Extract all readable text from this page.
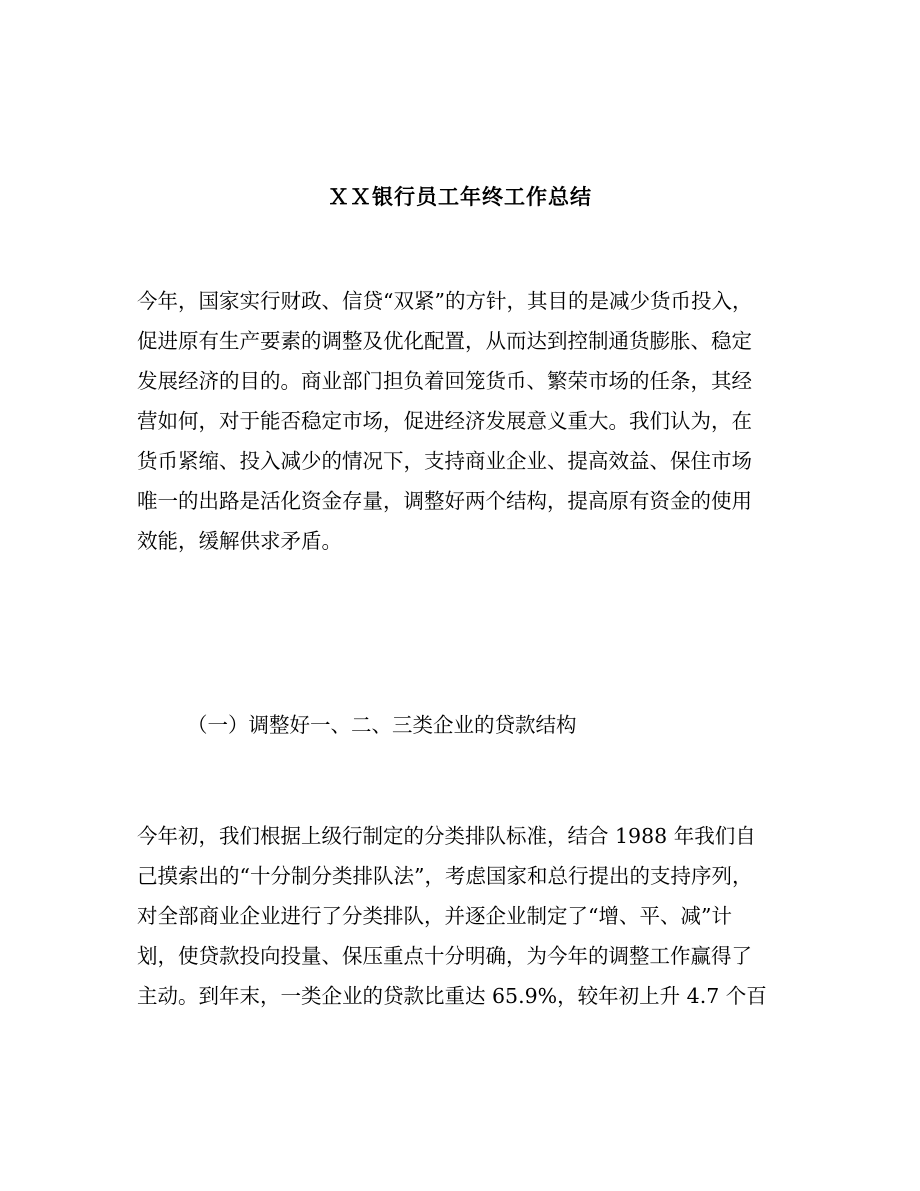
ＸＸ银行员工年终工作总结
今年，国家实行财政、信贷“双紧”的方针，其目的是减少货币投入，
促进原有生产要素的调整及优化配置，从而达到控制通货膨胀、稳定
发展经济的目的。商业部门担负着回笼货币、繁荣市场的任条，其经
营如何，对于能否稳定市场，促进经济发展意义重大。我们认为，在
货币紧缩、投入减少的情况下，支持商业企业、提高效益、保住市场
唯一的出路是活化资金存量，调整好两个结构，提高原有资金的使用
效能，缓解供求矛盾。
（一）调整好一、二、三类企业的贷款结构
今年初，我们根据上级行制定的分类排队标准，结合 1988 年我们自
己摸索出的“十分制分类排队法”，考虑国家和总行提出的支持序列，
对全部商业企业进行了分类排队，并逐企业制定了“增、平、减”计
划，使贷款投向投量、保压重点十分明确，为今年的调整工作赢得了
主动。到年末，一类企业的贷款比重达 65.9%，较年初上升 4.7 个百
